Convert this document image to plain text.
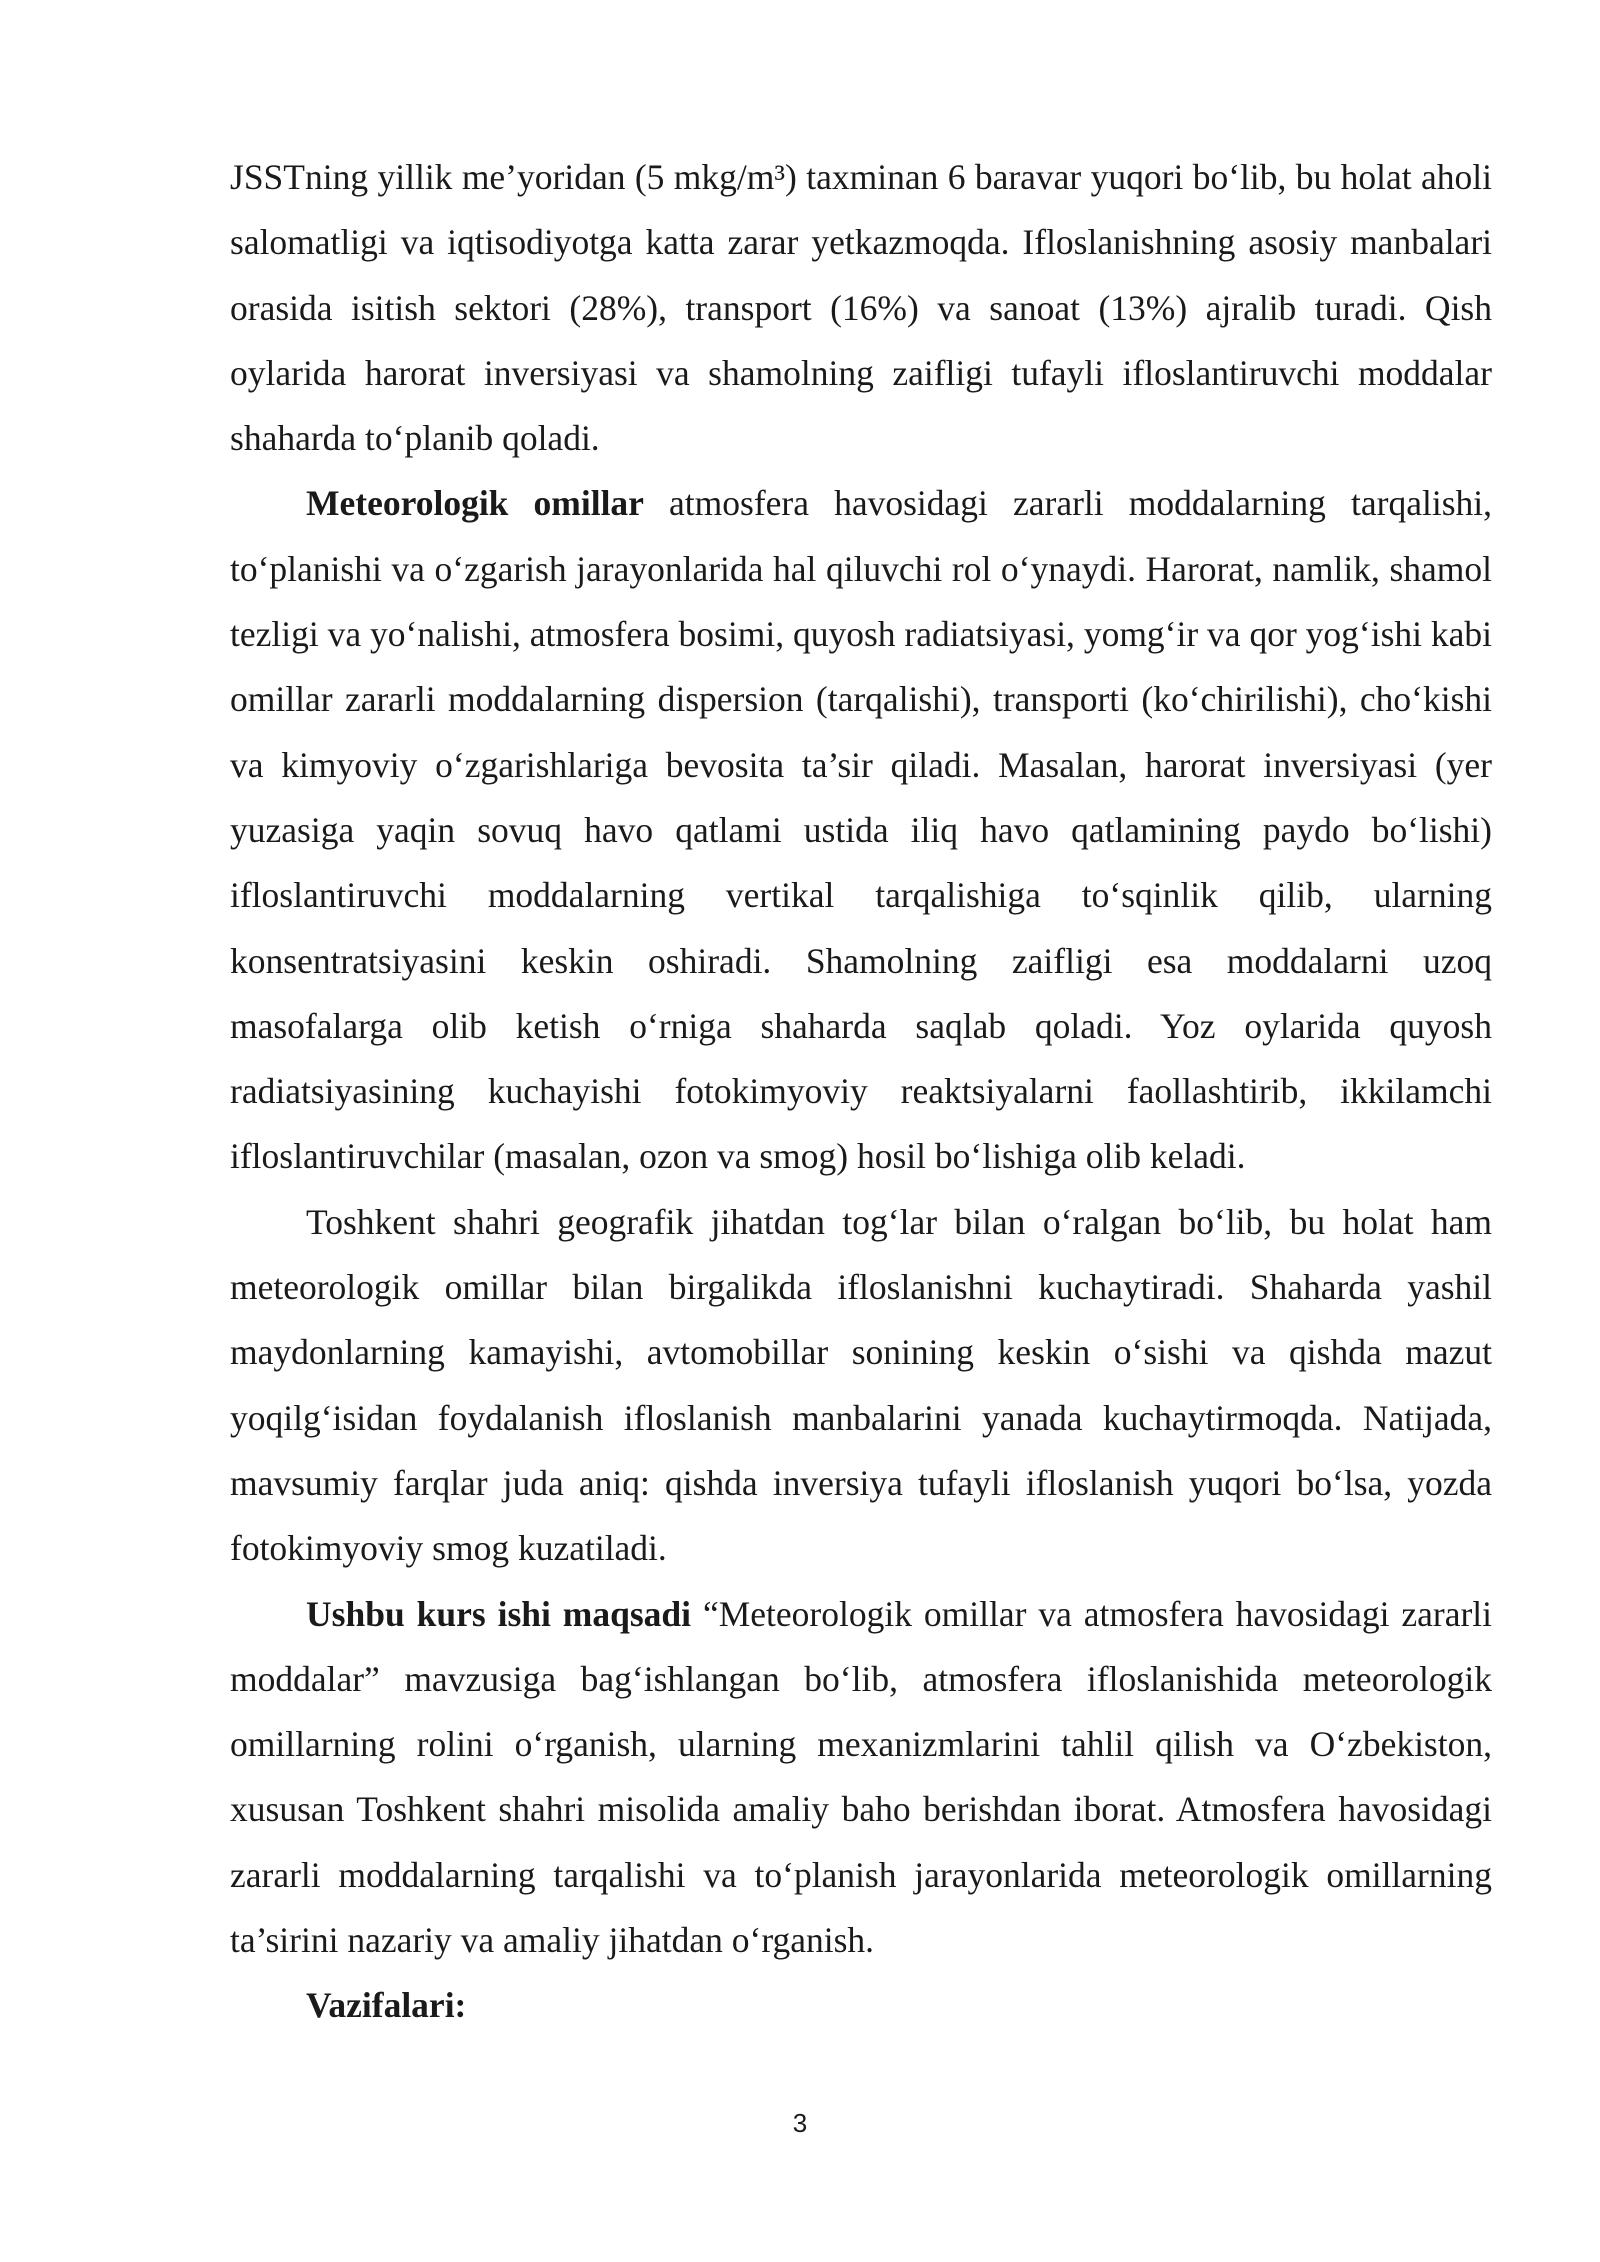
JSSTning yillik me’yoridan (5 mkg/m³) taxminan 6 baravar yuqori bo‘lib, bu holat aholi salomatligi va iqtisodiyotga katta zarar yetkazmoqda. Ifloslanishning asosiy manbalari orasida isitish sektori (28%), transport (16%) va sanoat (13%) ajralib turadi. Qish oylarida harorat inversiyasi va shamolning zaifligi tufayli ifloslantiruvchi moddalar shaharda to‘planib qoladi.

Meteorologik omillar atmosfera havosidagi zararli moddalarning tarqalishi, to‘planishi va o‘zgarish jarayonlarida hal qiluvchi rol o‘ynaydi. Harorat, namlik, shamol tezligi va yo‘nalishi, atmosfera bosimi, quyosh radiatsiyasi, yomg‘ir va qor yog‘ishi kabi omillar zararli moddalarning dispersion (tarqalishi), transporti (ko‘chirilishi), cho‘kishi va kimyoviy o‘zgarishlariga bevosita ta’sir qiladi. Masalan, harorat inversiyasi (yer yuzasiga yaqin sovuq havo qatlami ustida iliq havo qatlamining paydo bo‘lishi) ifloslantiruvchi moddalarning vertikal tarqalishiga to‘sqinlik qilib, ularning konsentratsiyasini keskin oshiradi. Shamolning zaifligi esa moddalarni uzoq masofalarga olib ketish o‘rniga shaharda saqlab qoladi. Yoz oylarida quyosh radiatsiyasining kuchayishi fotokimyoviy reaktsiyalarni faollashtirib, ikkilamchi ifloslantiruvchilar (masalan, ozon va smog) hosil bo‘lishiga olib keladi.

Toshkent shahri geografik jihatdan tog‘lar bilan o‘ralgan bo‘lib, bu holat ham meteorologik omillar bilan birgalikda ifloslanishni kuchaytiradi. Shaharda yashil maydonlarning kamayishi, avtomobillar sonining keskin o‘sishi va qishda mazut yoqilg‘isidan foydalanish ifloslanish manbalarini yanada kuchaytirmoqda. Natijada, mavsumiy farqlar juda aniq: qishda inversiya tufayli ifloslanish yuqori bo‘lsa, yozda fotokimyoviy smog kuzatiladi.

Ushbu kurs ishi maqsadi “Meteorologik omillar va atmosfera havosidagi zararli moddalar” mavzusiga bag‘ishlangan bo‘lib, atmosfera ifloslanishida meteorologik omillarning rolini o‘rganish, ularning mexanizmlarini tahlil qilish va O‘zbekiston, xususan Toshkent shahri misolida amaliy baho berishdan iborat. Atmosfera havosidagi zararli moddalarning tarqalishi va to‘planish jarayonlarida meteorologik omillarning ta’sirini nazariy va amaliy jihatdan o‘rganish.

Vazifalari:

3
